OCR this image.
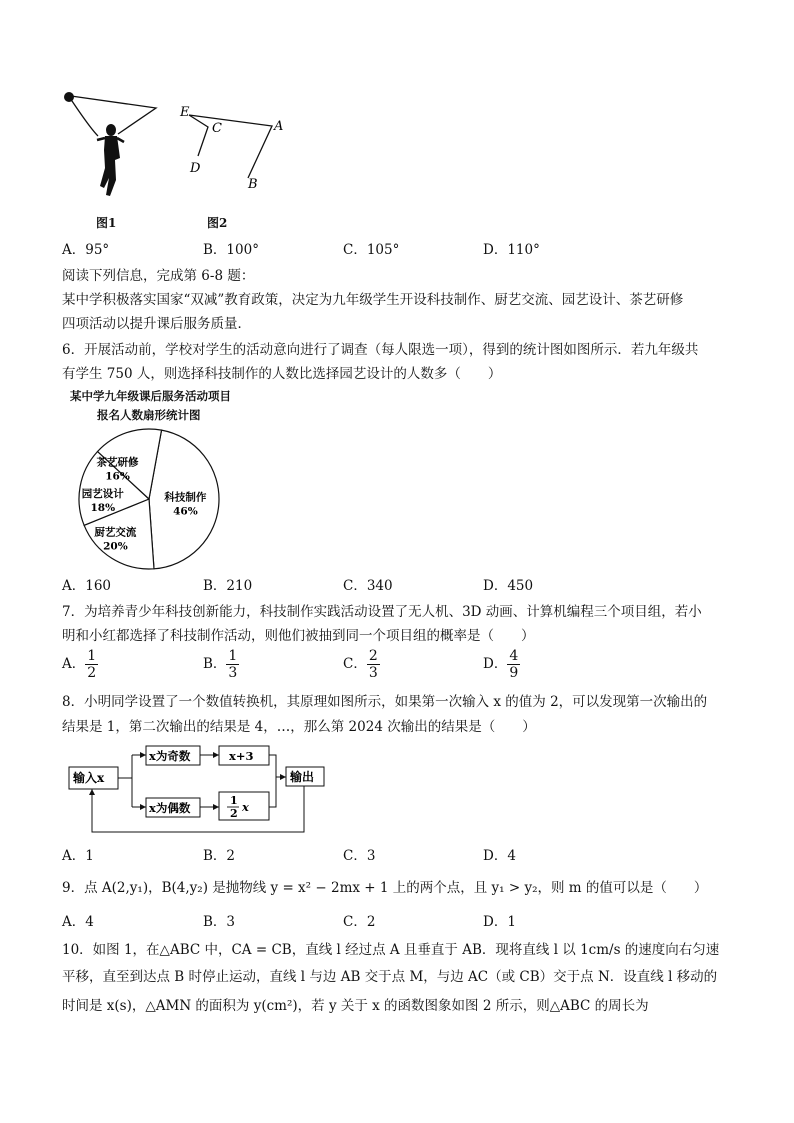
E
C	A
D
B
图1	图2
A．95°	B．100°	C．105°	D．110°
阅读下列信息，完成第 6-8 题：
某中学积极落实国家“双减”教育政策，决定为九年级学生开设科技制作、厨艺交流、园艺设计、茶艺研修
四项活动以提升课后服务质量．
6．开展活动前，学校对学生的活动意向进行了调查（每人限选一项），得到的统计图如图所示．若九年级共
有学生 750 人，则选择科技制作的人数比选择园艺设计的人数多（　　）
某中学九年级课后服务活动项目
报名人数扇形统计图
科技制作
46%
厨艺交流
20%
园艺设计
18%
茶艺研修
16%
A．160	B．210	C．340	D．450
7．为培养青少年科技创新能力，科技制作实践活动设置了无人机、3D 动画、计算机编程三个项目组，若小
明和小红都选择了科技制作活动，则他们被抽到同一个项目组的概率是（　　）
A． $\frac{1}{2}$	B． $\frac{1}{3}$	C． $\frac{2}{3}$	D． $\frac{4}{9}$
8．小明同学设置了一个数值转换机，其原理如图所示，如果第一次输入 x 的值为 2，可以发现第一次输出的
结果是 1，第二次输出的结果是 4，…，那么第 2024 次输出的结果是（　　）
输入x
x为奇数
x为偶数
x+3
1
2 x
输出
A．1	B．2	C．3	D．4
9．点 A(2,y₁)，B(4,y₂) 是抛物线 y = x² − 2mx + 1 上的两个点，且 y₁ > y₂，则 m 的值可以是（　　）
A．4	B．3	C．2	D．1
10．如图 1，在△ABC 中，CA = CB，直线 l 经过点 A 且垂直于 AB．现将直线 l 以 1cm/s 的速度向右匀速
平移，直至到达点 B 时停止运动，直线 l 与边 AB 交于点 M，与边 AC（或 CB）交于点 N．设直线 l 移动的
时间是 x(s)，△AMN 的面积为 y(cm²)，若 y 关于 x 的函数图象如图 2 所示，则△ABC 的周长为
